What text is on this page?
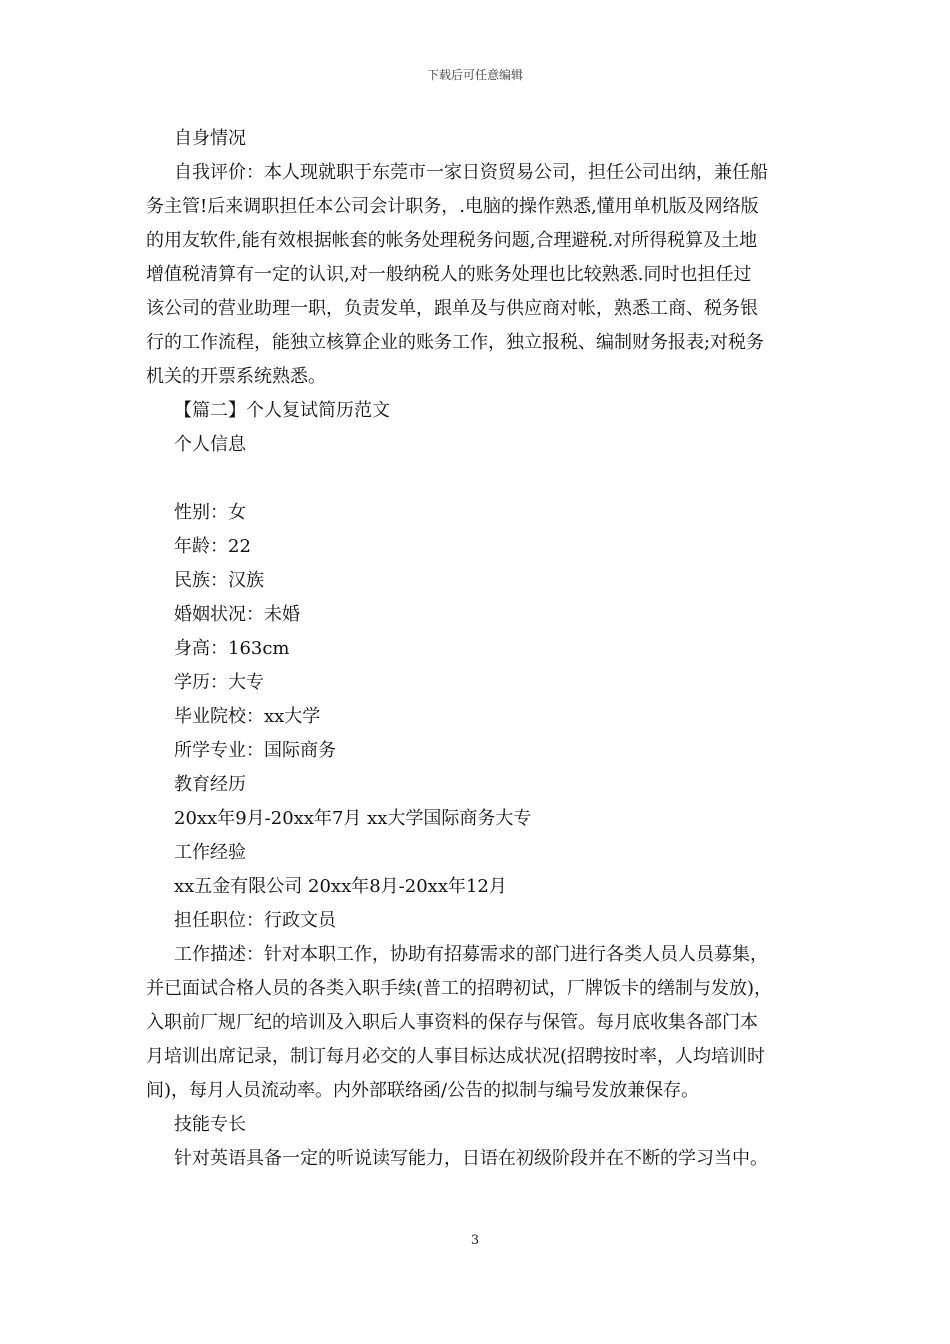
下载后可任意编辑

自身情况

自我评价：本人现就职于东莞市一家日资贸易公司，担任公司出纳，兼任船
务主管!后来调职担任本公司会计职务，.电脑的操作熟悉,懂用单机版及网络版
的用友软件,能有效根据帐套的帐务处理税务问题,合理避税.对所得税算及土地
增值税清算有一定的认识,对一般纳税人的账务处理也比较熟悉.同时也担任过
该公司的营业助理一职，负责发单，跟单及与供应商对帐，熟悉工商、税务银
行的工作流程，能独立核算企业的账务工作，独立报税、编制财务报表;对税务
机关的开票系统熟悉。

【篇二】个人复试简历范文

个人信息

性别：女

年龄：22

民族：汉族

婚姻状况：未婚

身高：163cm

学历：大专

毕业院校：xx大学

所学专业：国际商务

教育经历

20xx年9月-20xx年7月 xx大学国际商务大专

工作经验

xx五金有限公司 20xx年8月-20xx年12月

担任职位：行政文员

工作描述：针对本职工作，协助有招募需求的部门进行各类人员人员募集，
并已面试合格人员的各类入职手续(普工的招聘初试，厂牌饭卡的缮制与发放)，
入职前厂规厂纪的培训及入职后人事资料的保存与保管。每月底收集各部门本
月培训出席记录，制订每月必交的人事目标达成状况(招聘按时率，人均培训时
间)，每月人员流动率。内外部联络函/公告的拟制与编号发放兼保存。

技能专长

针对英语具备一定的听说读写能力，日语在初级阶段并在不断的学习当中。

3
